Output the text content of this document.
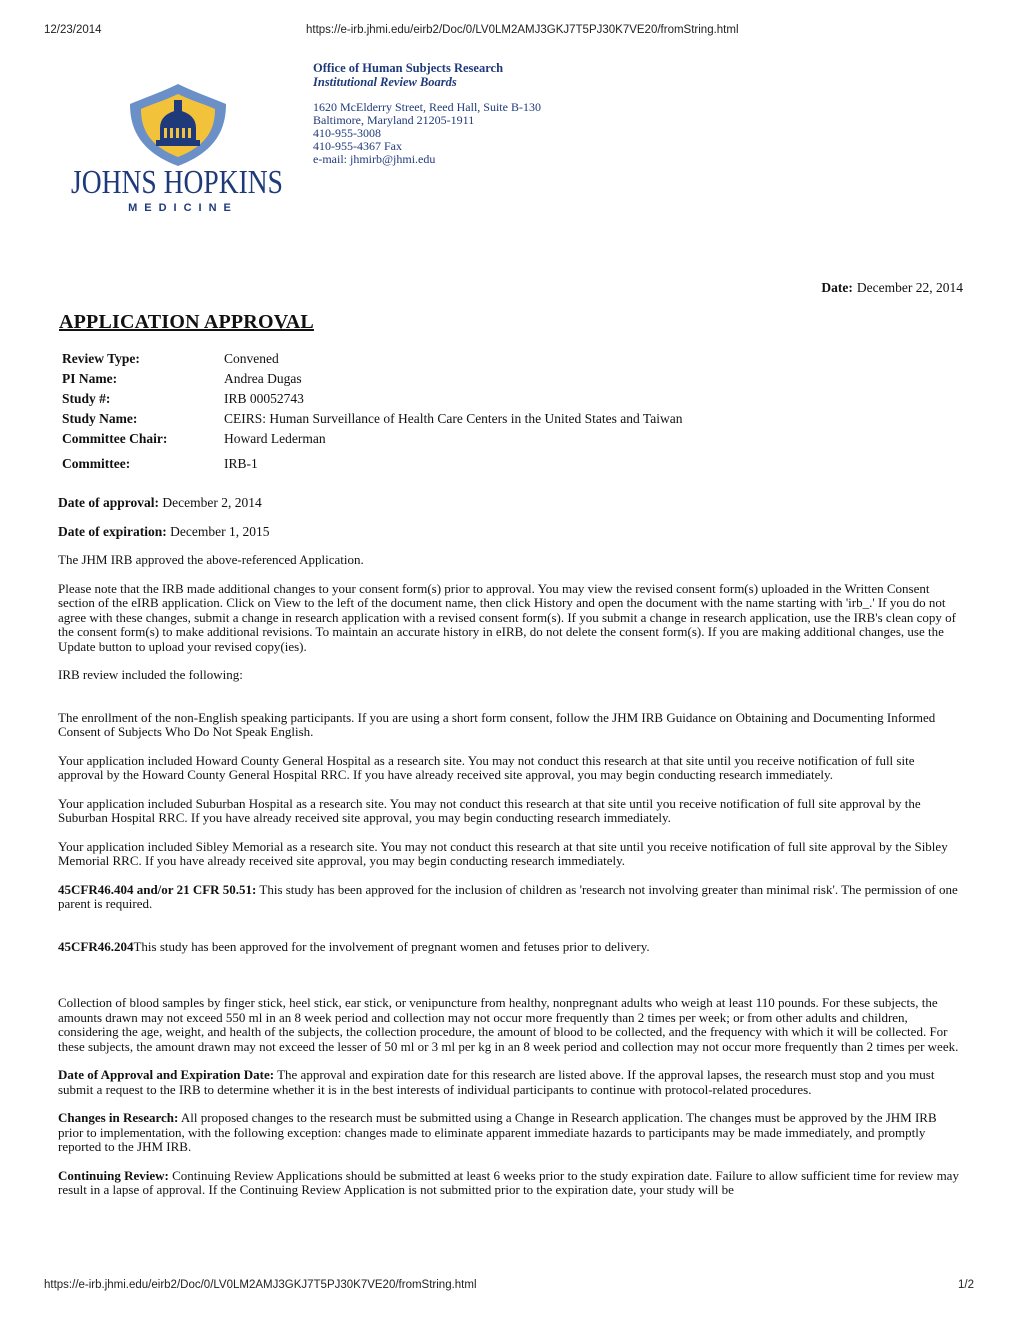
12/23/2014	https://e-irb.jhmi.edu/eirb2/Doc/0/LV0LM2AMJ3GKJ7T5PJ30K7VE20/fromString.html
JOHNS HOPKINS
MEDICINE
Office of Human Subjects Research
Institutional Review Boards
1620 McElderry Street, Reed Hall, Suite B-130
Baltimore, Maryland 21205-1911
410-955-3008
410-955-4367 Fax
e-mail: jhmirb@jhmi.edu
Date: December 22, 2014
APPLICATION APPROVAL
Review Type:	Convened
PI Name:	Andrea Dugas
Study #:	IRB 00052743
Study Name:	CEIRS: Human Surveillance of Health Care Centers in the United States and Taiwan
Committee Chair:	Howard Lederman
Committee:	IRB-1

Date of approval: December 2, 2014

Date of expiration: December 1, 2015

The JHM IRB approved the above-referenced Application.

Please note that the IRB made additional changes to your consent form(s) prior to approval. You may view the revised consent form(s) uploaded in the Written Consent section of the eIRB application. Click on View to the left of the document name, then click History and open the document with the name starting with 'irb_.' If you do not agree with these changes, submit a change in research application with a revised consent form(s). If you submit a change in research application, use the IRB's clean copy of the consent form(s) to make additional revisions. To maintain an accurate history in eIRB, do not delete the consent form(s). If you are making additional changes, use the Update button to upload your revised copy(ies).

IRB review included the following:

The enrollment of the non-English speaking participants. If you are using a short form consent, follow the JHM IRB Guidance on Obtaining and Documenting Informed Consent of Subjects Who Do Not Speak English.

Your application included Howard County General Hospital as a research site. You may not conduct this research at that site until you receive notification of full site approval by the Howard County General Hospital RRC. If you have already received site approval, you may begin conducting research immediately.

Your application included Suburban Hospital as a research site. You may not conduct this research at that site until you receive notification of full site approval by the Suburban Hospital RRC. If you have already received site approval, you may begin conducting research immediately.

Your application included Sibley Memorial as a research site. You may not conduct this research at that site until you receive notification of full site approval by the Sibley Memorial RRC. If you have already received site approval, you may begin conducting research immediately.

45CFR46.404 and/or 21 CFR 50.51: This study has been approved for the inclusion of children as 'research not involving greater than minimal risk'. The permission of one parent is required.

45CFR46.204This study has been approved for the involvement of pregnant women and fetuses prior to delivery.

Collection of blood samples by finger stick, heel stick, ear stick, or venipuncture from healthy, nonpregnant adults who weigh at least 110 pounds. For these subjects, the amounts drawn may not exceed 550 ml in an 8 week period and collection may not occur more frequently than 2 times per week; or from other adults and children, considering the age, weight, and health of the subjects, the collection procedure, the amount of blood to be collected, and the frequency with which it will be collected. For these subjects, the amount drawn may not exceed the lesser of 50 ml or 3 ml per kg in an 8 week period and collection may not occur more frequently than 2 times per week.

Date of Approval and Expiration Date: The approval and expiration date for this research are listed above. If the approval lapses, the research must stop and you must submit a request to the IRB to determine whether it is in the best interests of individual participants to continue with protocol-related procedures.

Changes in Research: All proposed changes to the research must be submitted using a Change in Research application. The changes must be approved by the JHM IRB prior to implementation, with the following exception: changes made to eliminate apparent immediate hazards to participants may be made immediately, and promptly reported to the JHM IRB.

Continuing Review: Continuing Review Applications should be submitted at least 6 weeks prior to the study expiration date. Failure to allow sufficient time for review may result in a lapse of approval. If the Continuing Review Application is not submitted prior to the expiration date, your study will be

https://e-irb.jhmi.edu/eirb2/Doc/0/LV0LM2AMJ3GKJ7T5PJ30K7VE20/fromString.html	1/2
